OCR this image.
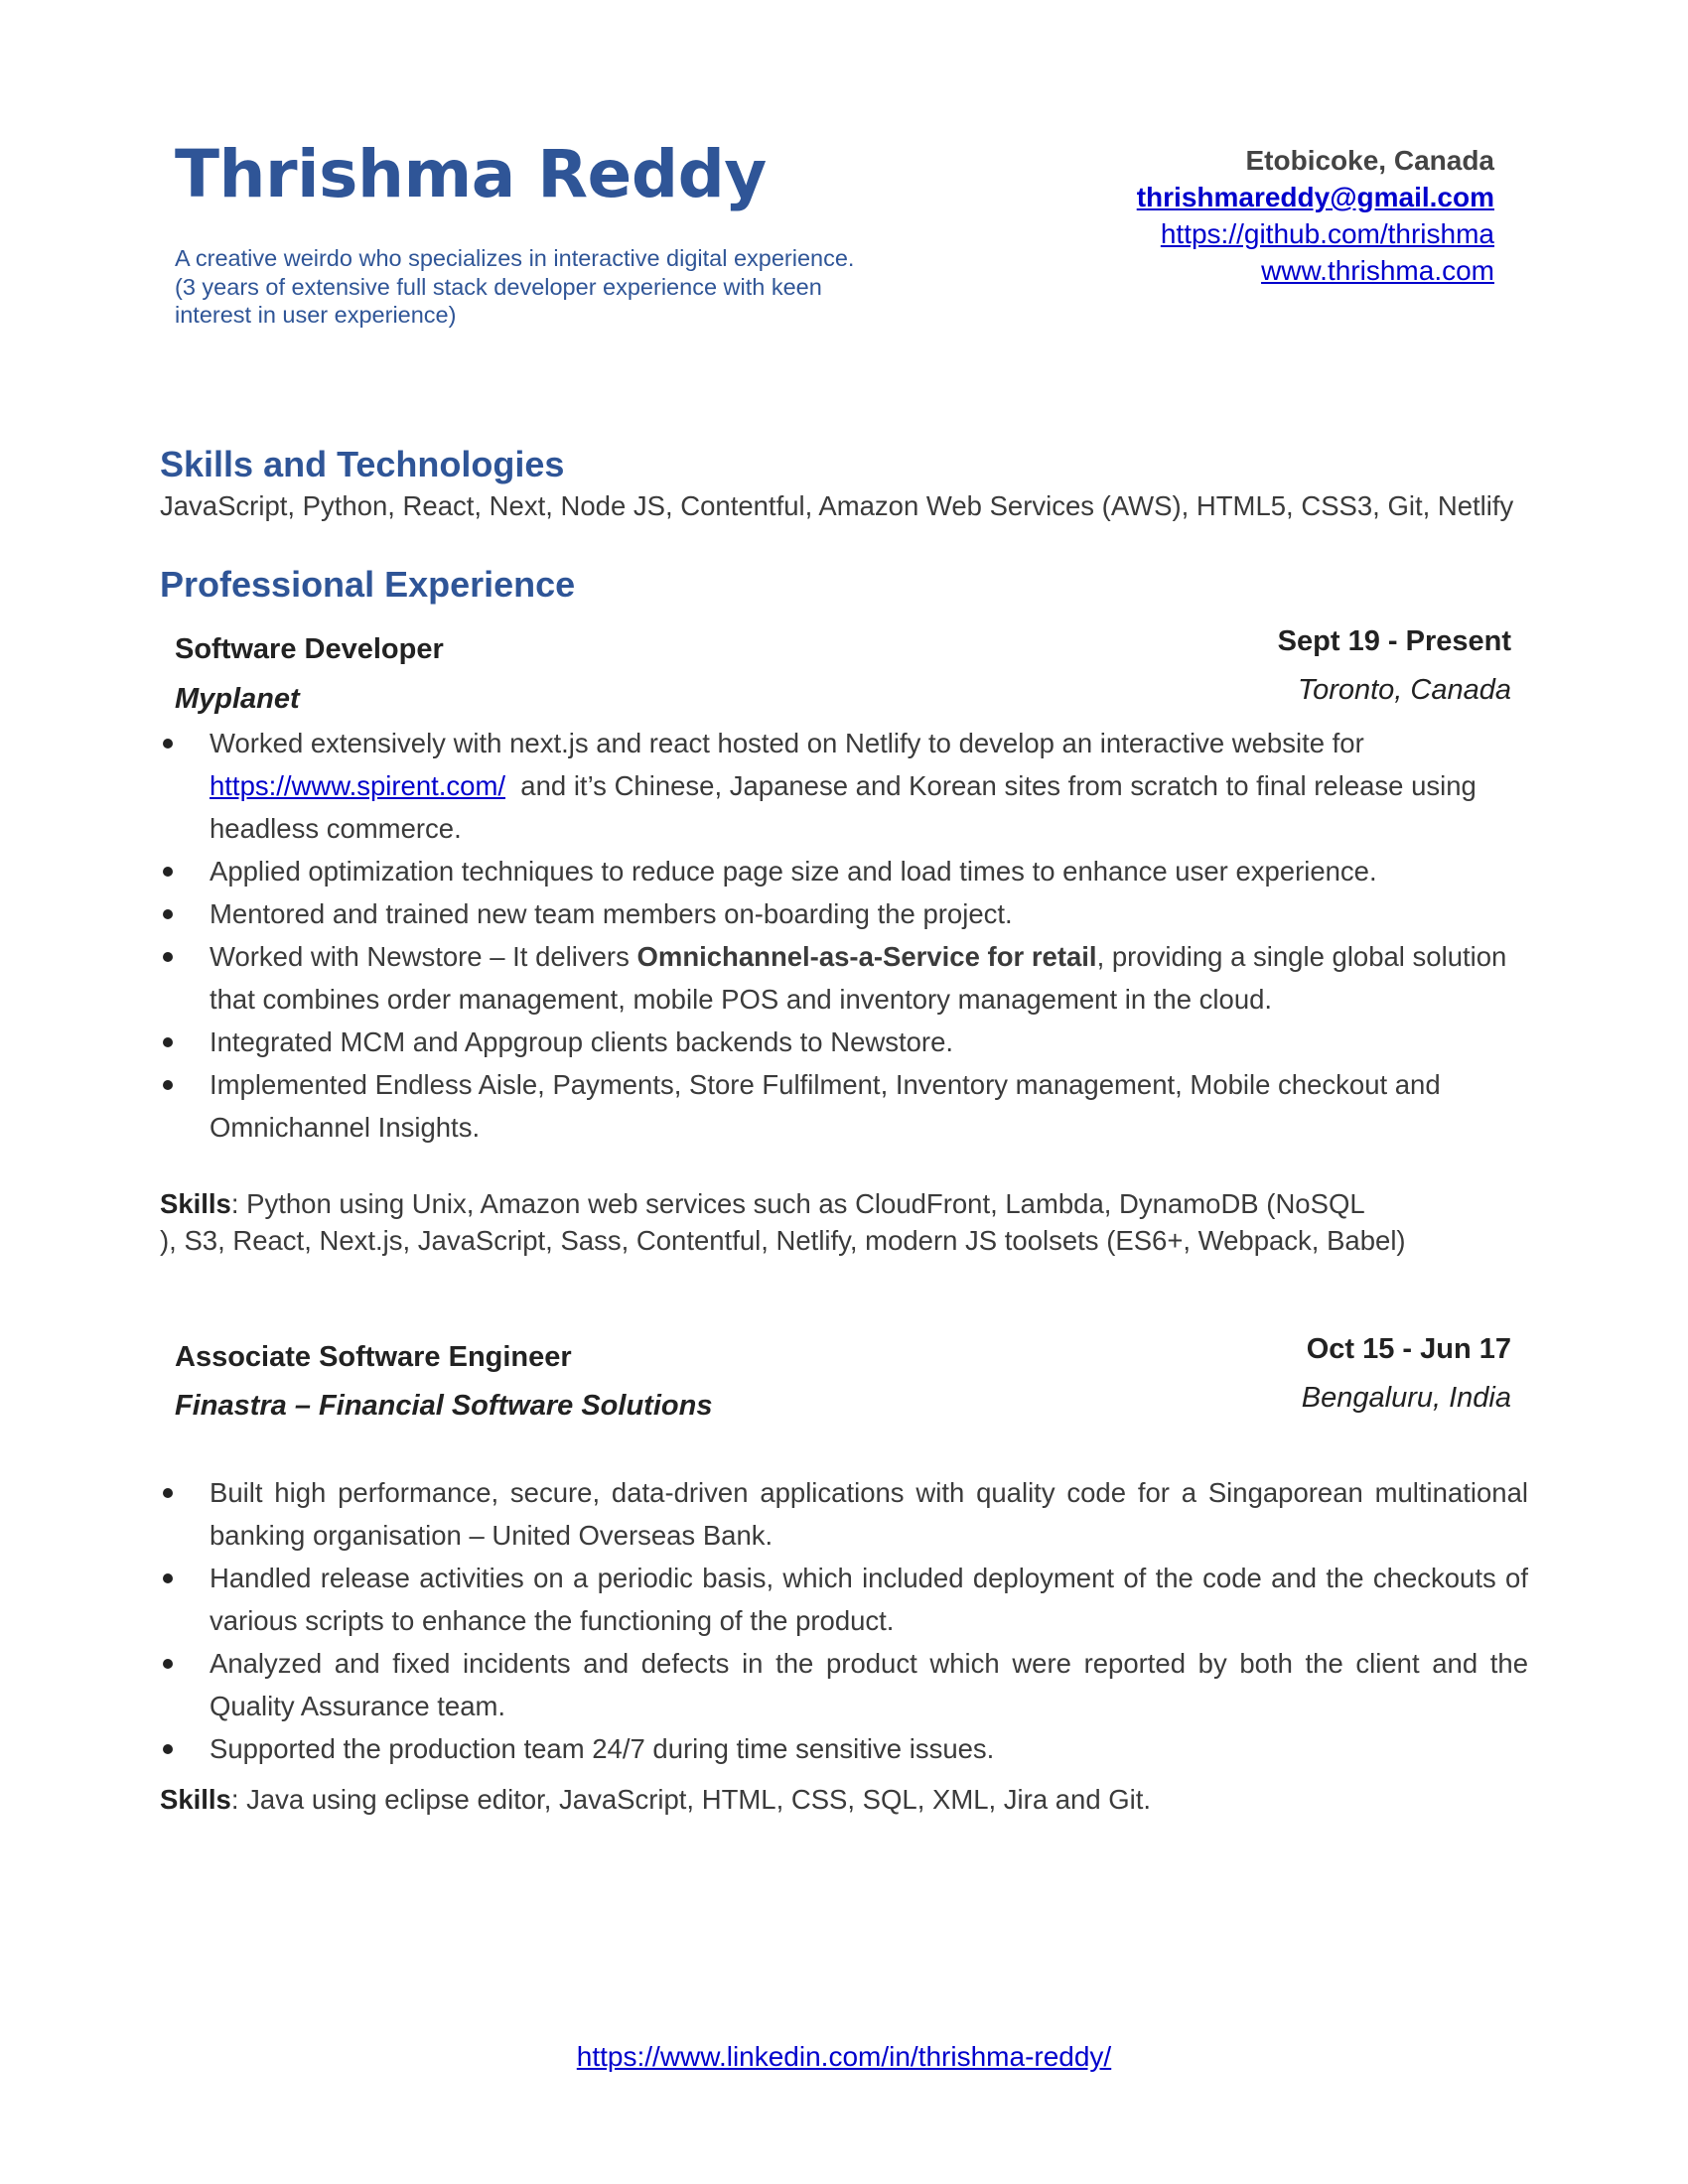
Thrishma Reddy
A creative weirdo who specializes in interactive digital experience.
(3 years of extensive full stack developer experience with keen
interest in user experience)
Etobicoke, Canada
thrishmareddy@gmail.com
https://github.com/thrishma
www.thrishma.com
Skills and Technologies
JavaScript, Python, React, Next, Node JS, Contentful, Amazon Web Services (AWS), HTML5, CSS3, Git, Netlify
Professional Experience
Software Developer	Sept 19 - Present
Myplanet	Toronto, Canada
Worked extensively with next.js and react hosted on Netlify to develop an interactive website for https://www.spirent.com/  and it’s Chinese, Japanese and Korean sites from scratch to final release using headless commerce.
Applied optimization techniques to reduce page size and load times to enhance user experience.
Mentored and trained new team members on-boarding the project.
Worked with Newstore – It delivers Omnichannel-as-a-Service for retail, providing a single global solution that combines order management, mobile POS and inventory management in the cloud.
Integrated MCM and Appgroup clients backends to Newstore.
Implemented Endless Aisle, Payments, Store Fulfilment, Inventory management, Mobile checkout and Omnichannel Insights.
Skills: Python using Unix, Amazon web services such as CloudFront, Lambda, DynamoDB (NoSQL
), S3, React, Next.js, JavaScript, Sass, Contentful, Netlify, modern JS toolsets (ES6+, Webpack, Babel)
Associate Software Engineer	Oct 15 - Jun 17
Finastra – Financial Software Solutions	Bengaluru, India
Built high performance, secure, data-driven applications with quality code for a Singaporean multinational banking organisation – United Overseas Bank.
Handled release activities on a periodic basis, which included deployment of the code and the checkouts of various scripts to enhance the functioning of the product.
Analyzed and fixed incidents and defects in the product which were reported by both the client and the Quality Assurance team.
Supported the production team 24/7 during time sensitive issues.
Skills: Java using eclipse editor, JavaScript, HTML, CSS, SQL, XML, Jira and Git.
https://www.linkedin.com/in/thrishma-reddy/
